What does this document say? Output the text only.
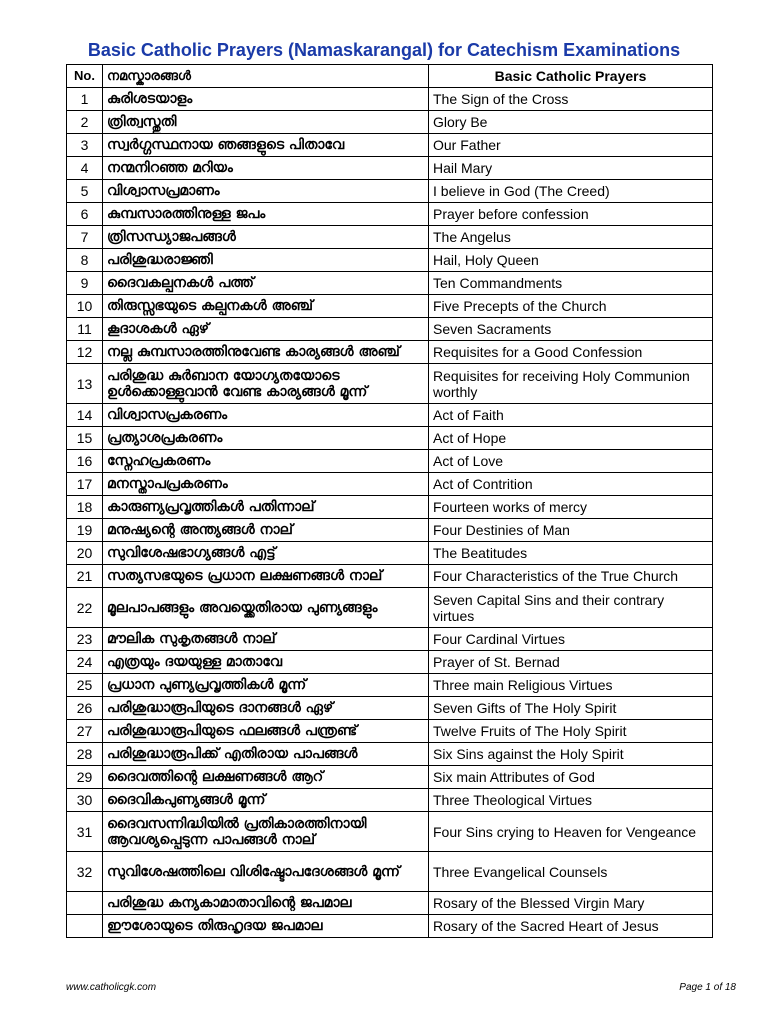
Basic Catholic Prayers (Namaskarangal) for Catechism Examinations
No.	നമസ്കാരങ്ങൾ	Basic Catholic Prayers
1	കുരിശടയാളം	The Sign of the Cross
2	ത്രിത്വസ്തുതി	Glory Be
3	സ്വർഗ്ഗസ്ഥനായ ഞങ്ങളുടെ പിതാവേ	Our Father
4	നന്മനിറഞ്ഞ മറിയം	Hail Mary
5	വിശ്വാസപ്രമാണം	I believe in God (The Creed)
6	കുമ്പസാരത്തിനുള്ള ജപം	Prayer before confession
7	ത്രിസന്ധ്യാജപങ്ങൾ	The Angelus
8	പരിശുദ്ധരാജ്ഞി	Hail, Holy Queen
9	ദൈവകല്പനകൾ പത്ത്	Ten Commandments
10	തിരുസ്സഭയുടെ കല്പനകൾ അഞ്ച്	Five Precepts of the Church
11	കൂദാശകൾ ഏഴ്	Seven Sacraments
12	നല്ല കുമ്പസാരത്തിനുവേണ്ട കാര്യങ്ങൾ അഞ്ച്	Requisites for a Good Confession
13	പരിശുദ്ധ കുർബാന യോഗ്യതയോടെ ഉൾക്കൊള്ളുവാൻ വേണ്ട കാര്യങ്ങൾ മൂന്ന്	Requisites for receiving Holy Communion worthly
14	വിശ്വാസപ്രകരണം	Act of Faith
15	പ്രത്യാശപ്രകരണം	Act of Hope
16	സ്നേഹപ്രകരണം	Act of Love
17	മനസ്താപപ്രകരണം	Act of Contrition
18	കാരുണ്യപ്രവൃത്തികൾ പതിന്നാല്	Fourteen works of mercy
19	മനുഷ്യന്റെ അന്ത്യങ്ങൾ നാല്	Four Destinies of Man
20	സുവിശേഷഭാഗ്യങ്ങൾ എട്ട്	The Beatitudes
21	സത്യസഭയുടെ പ്രധാന ലക്ഷണങ്ങൾ നാല്	Four Characteristics of the True Church
22	മൂലപാപങ്ങളും അവയ്ക്കെതിരായ പുണ്യങ്ങളും	Seven Capital Sins and their contrary virtues
23	മൗലിക സുകൃതങ്ങൾ നാല്	Four Cardinal Virtues
24	എത്രയും ദയയുള്ള മാതാവേ	Prayer of St. Bernad
25	പ്രധാന പുണ്യപ്രവൃത്തികൾ മൂന്ന്	Three main Religious Virtues
26	പരിശുദ്ധാരൂപിയുടെ ദാനങ്ങൾ ഏഴ്	Seven Gifts of The Holy Spirit
27	പരിശുദ്ധാരൂപിയുടെ ഫലങ്ങൾ പന്ത്രണ്ട്	Twelve Fruits of The Holy Spirit
28	പരിശുദ്ധാരൂപിക്ക് എതിരായ പാപങ്ങൾ	Six Sins against the Holy Spirit
29	ദൈവത്തിന്റെ ലക്ഷണങ്ങൾ ആറ്	Six main Attributes of God
30	ദൈവികപുണ്യങ്ങൾ മൂന്ന്	Three Theological Virtues
31	ദൈവസന്നിദ്ധിയിൽ പ്രതികാരത്തിനായി ആവശ്യപ്പെടുന്ന പാപങ്ങൾ നാല്	Four Sins crying to Heaven for Vengeance
32	സുവിശേഷത്തിലെ വിശിഷ്ടോപദേശങ്ങൾ മൂന്ന്	Three Evangelical Counsels
	പരിശുദ്ധ കന്യകാമാതാവിന്റെ ജപമാല	Rosary of the Blessed Virgin Mary
	ഈശോയുടെ തിരുഹൃദയ ജപമാല	Rosary of the Sacred Heart of Jesus
www.catholicgk.com	Page 1 of 18
